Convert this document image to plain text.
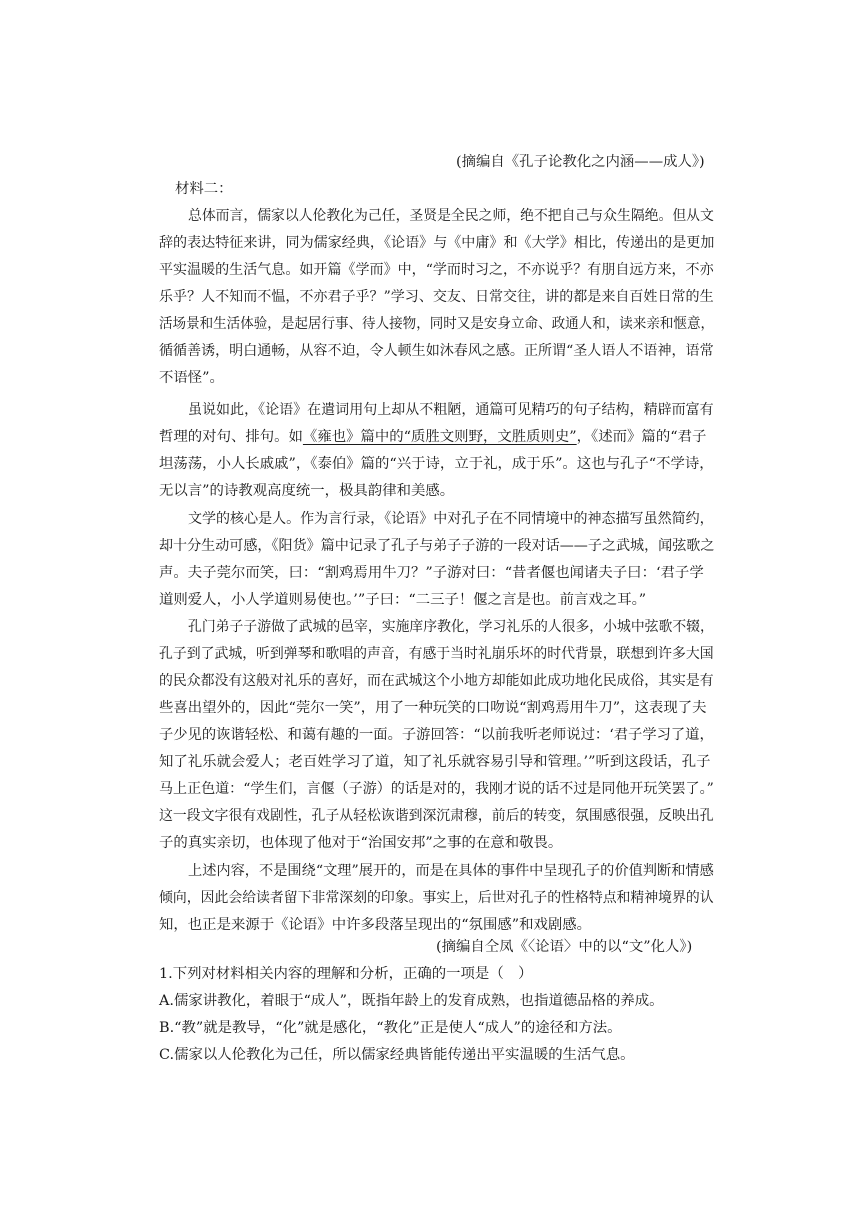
(摘编自《孔子论教化之内涵——成人》)
材料二：
总体而言，儒家以人伦教化为己任，圣贤是全民之师，绝不把自己与众生隔绝。但从文
辞的表达特征来讲，同为儒家经典，《论语》与《中庸》和《大学》相比，传递出的是更加
平实温暖的生活气息。如开篇《学而》中，“学而时习之，不亦说乎？有朋自远方来，不亦
乐乎？人不知而不愠，不亦君子乎？”学习、交友、日常交往，讲的都是来自百姓日常的生
活场景和生活体验，是起居行事、待人接物，同时又是安身立命、政通人和，读来亲和惬意，
循循善诱，明白通畅，从容不迫，令人顿生如沐春风之感。正所谓“圣人语人不语神，语常
不语怪”。
虽说如此，《论语》在遣词用句上却从不粗陋，通篇可见精巧的句子结构，精辟而富有
哲理的对句、排句。如《雍也》篇中的“质胜文则野，文胜质则史”，《述而》篇的“君子
坦荡荡，小人长戚戚”，《泰伯》篇的“兴于诗，立于礼，成于乐”。这也与孔子“不学诗，
无以言”的诗教观高度统一，极具韵律和美感。
文学的核心是人。作为言行录，《论语》中对孔子在不同情境中的神态描写虽然简约，
却十分生动可感，《阳货》篇中记录了孔子与弟子子游的一段对话——子之武城，闻弦歌之
声。夫子莞尔而笑，曰：“割鸡焉用牛刀？”子游对曰：“昔者偃也闻诸夫子曰：‘君子学
道则爱人，小人学道则易使也。’”子曰：“二三子！偃之言是也。前言戏之耳。”
孔门弟子子游做了武城的邑宰，实施庠序教化，学习礼乐的人很多，小城中弦歌不辍，
孔子到了武城，听到弹琴和歌唱的声音，有感于当时礼崩乐坏的时代背景，联想到许多大国
的民众都没有这般对礼乐的喜好，而在武城这个小地方却能如此成功地化民成俗，其实是有
些喜出望外的，因此“莞尔一笑”，用了一种玩笑的口吻说“割鸡焉用牛刀”，这表现了夫
子少见的诙谐轻松、和蔼有趣的一面。子游回答：“以前我听老师说过：‘君子学习了道，
知了礼乐就会爱人；老百姓学习了道，知了礼乐就容易引导和管理。’”听到这段话，孔子
马上正色道：“学生们，言偃（子游）的话是对的，我刚才说的话不过是同他开玩笑罢了。”
这一段文字很有戏剧性，孔子从轻松诙谐到深沉肃穆，前后的转变，氛围感很强，反映出孔
子的真实亲切，也体现了他对于“治国安邦”之事的在意和敬畏。
上述内容，不是围绕“文理”展开的，而是在具体的事件中呈现孔子的价值判断和情感
倾向，因此会给读者留下非常深刻的印象。事实上，后世对孔子的性格特点和精神境界的认
知，也正是来源于《论语》中许多段落呈现出的“氛围感”和戏剧感。
(摘编自仝凤《〈论语〉中的以“文”化人》)
1.下列对材料相关内容的理解和分析，正确的一项是（　）
A.儒家讲教化，着眼于“成人”，既指年龄上的发育成熟，也指道德品格的养成。
B.“教”就是教导，“化”就是感化，“教化”正是使人“成人”的途径和方法。
C.儒家以人伦教化为己任，所以儒家经典皆能传递出平实温暖的生活气息。
